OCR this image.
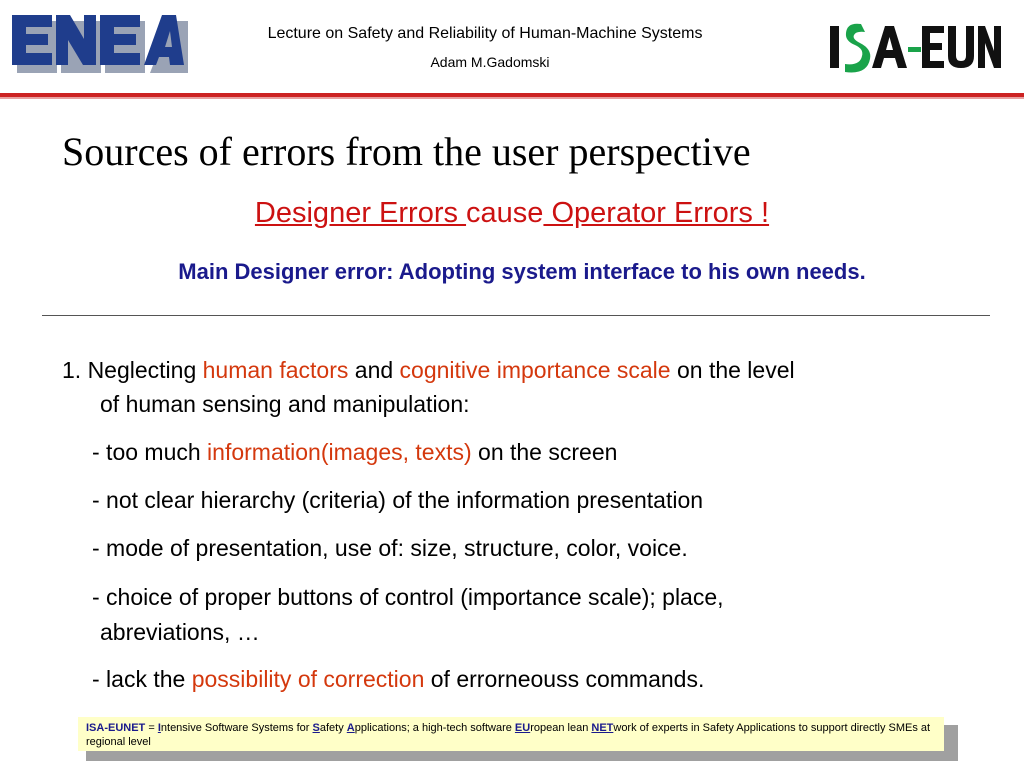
Lecture on Safety and Reliability of Human-Machine Systems
Adam M.Gadomski
Sources of errors from the user perspective
Designer Errors cause Operator Errors !
Main Designer error: Adopting system interface to his own needs.
1. Neglecting human factors and cognitive importance scale on the level
of human sensing and manipulation:
- too much information(images, texts) on the screen
- not clear hierarchy (criteria) of the information presentation
- mode of presentation, use of: size, structure, color, voice.
- choice of proper buttons of control (importance scale); place,
abreviations, …
- lack the possibility of correction of errorneouss commands.
ISA-EUNET = Intensive Software Systems for Safety Applications; a high-tech software EUropean lean NETwork of experts in Safety Applications to support directly SMEs at regional level
